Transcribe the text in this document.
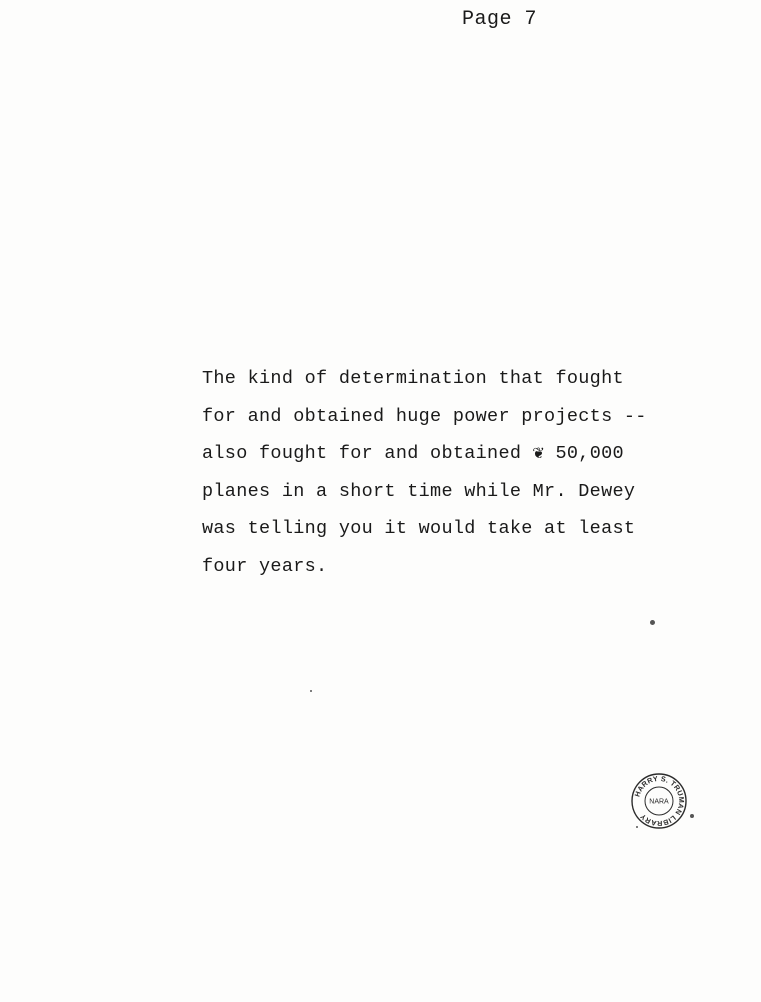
Page 7
The kind of determination that fought
for and obtained huge power projects --
also fought for and obtained ❦ 50,000
planes in a short time while Mr. Dewey
was telling you it would take at least
four years.
HARRY S. TRUMAN LIBRARY
NARA
